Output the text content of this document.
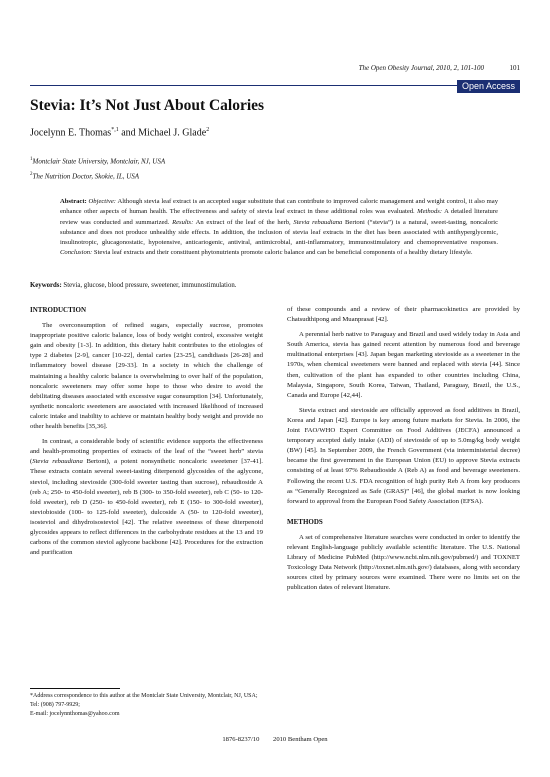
The Open Obesity Journal, 2010, 2, 101-100	101
Open Access
Stevia: It’s Not Just About Calories
Jocelynn E. Thomas$^{*,1}$ and Michael J. Glade$^2$
$^1$Montclair State University, Montclair, NJ, USA
$^2$The Nutrition Doctor, Skokie, IL, USA
Abstract: Objective: Although stevia leaf extract is an accepted sugar substitute that can contribute to improved caloric management and weight control, it also may enhance other aspects of human health. The effectiveness and safety of stevia leaf extract in these additional roles was evaluated. Methods: A detailed literature review was conducted and summarized. Results: An extract of the leaf of the herb, Stevia rebaudiana Bertoni (“stevia”) is a natural, sweet-tasting, noncaloric substance and does not produce unhealthy side effects. In addition, the inclusion of stevia leaf extracts in the diet has been associated with antihyperglycemic, insulinotropic, glucagonostatic, hypotensive, anticariogenic, antiviral, antimicrobial, anti-inflammatory, immunostimulatory and chemopreventative responses. Conclusion: Stevia leaf extracts and their constituent phytonutrients promote caloric balance and can be beneficial components of a healthy dietary lifestyle.
Keywords: Stevia, glucose, blood pressure, sweetener, immunostimulation.
INTRODUCTION

The overconsumption of refined sugars, especially sucrose, promotes inappropriate positive caloric balance, loss of body weight control, excessive weight gain and obesity [1-3]. In addition, this dietary habit contributes to the etiologies of type 2 diabetes [2-9], cancer [10-22], dental caries [23-25], candidiasis [26-28] and inflammatory bowel disease [29-33]. In a society in which the challenge of maintaining a healthy caloric balance is overwhelming to over half of the population, noncaloric sweeteners may offer some hope to those who desire to avoid the debilitating diseases associated with excessive sugar consumption [34]. Unfortunately, synthetic noncaloric sweeteners are associated with increased likelihood of increased caloric intake and inability to achieve or maintain healthy body weight and provide no other health benefits [35,36].

In contrast, a considerable body of scientific evidence supports the effectiveness and health-promoting properties of extracts of the leaf of the “sweet herb” stevia (Stevia rebaudiana Bertoni), a potent nonsynthetic noncaloric sweetener [37-41]. These extracts contain several sweet-tasting diterpenoid glycosides of the aglycone, steviol, including stevioside (300-fold sweeter tasting than sucrose), rebaudioside A (reb A; 250- to 450-fold sweeter), reb B (300- to 350-fold sweeter), reb C (50- to 120-fold sweeter), reb D (250- to 450-fold sweeter), reb E (150- to 300-fold sweeter), steviobioside (100- to 125-fold sweeter), dulcoside A (50- to 120-fold sweeter), isosteviol and dihydroisosteviol [42]. The relative sweetness of these diterpenoid glycosides appears to reflect differences in the carbohydrate residues at the 13 and 19 carbons of the common steviol aglycone backbone [42]. Procedures for the extraction and purification

*Address correspondence to this author at the Montclair State University, Montclair, NJ, USA; Tel: (908) 797-9929;
E-mail: jocelynnthomas@yahoo.com

of these compounds and a review of their pharmacokinetics are provided by Chatsudthipong and Muanprasat [42].

A perennial herb native to Paraguay and Brazil and used widely today in Asia and South America, stevia has gained recent attention by numerous food and beverage multinational enterprises [43]. Japan began marketing stevioside as a sweetener in the 1970s, when chemical sweeteners were banned and replaced with stevia [44]. Since then, cultivation of the plant has expanded to other countries including China, Malaysia, Singapore, South Korea, Taiwan, Thailand, Paraguay, Brazil, the U.S., Canada and Europe [42,44].

Stevia extract and stevioside are officially approved as food additives in Brazil, Korea and Japan [42]. Europe is key among future markets for Stevia. In 2006, the Joint FAO/WHO Expert Committee on Food Additives (JECFA) announced a temporary accepted daily intake (ADI) of stevioside of up to 5.0mg/kg body weight (BW) [45]. In September 2009, the French Government (via interministerial decree) became the first government in the European Union (EU) to approve Stevia extracts consisting of at least 97% Rebaudioside A (Reb A) as food and beverage sweeteners. Following the recent U.S. FDA recognition of high purity Reb A from key producers as “Generally Recognized as Safe (GRAS)” [46], the global market is now looking forward to approval from the European Food Safety Association (EFSA).

METHODS

A set of comprehensive literature searches were conducted in order to identify the relevant English-language publicly available scientific literature. The U.S. National Library of Medicine PubMed (http://www.ncbi.nlm.nih.gov/pubmed/) and TOXNET Toxicology Data Network (http://toxnet.nlm.nih.gov/) databases, along with secondary sources cited by primary sources were examined. There were no limits set on the publication dates of relevant literature.

1876-8237/10 2010 Bentham Open
